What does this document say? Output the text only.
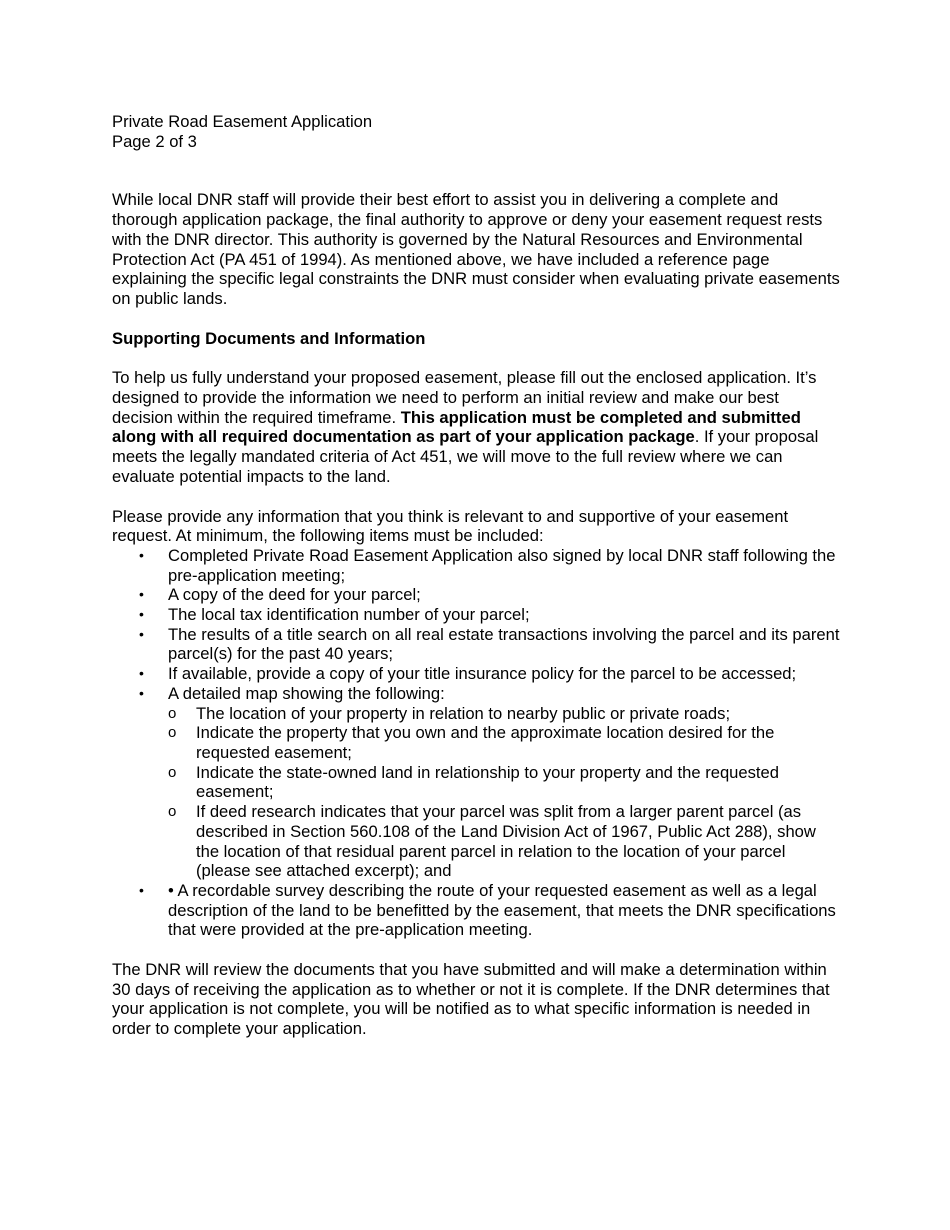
Private Road Easement Application
Page 2 of 3

While local DNR staff will provide their best effort to assist you in delivering a complete and thorough application package, the final authority to approve or deny your easement request rests with the DNR director. This authority is governed by the Natural Resources and Environmental Protection Act (PA 451 of 1994). As mentioned above, we have included a reference page explaining the specific legal constraints the DNR must consider when evaluating private easements on public lands.

Supporting Documents and Information

To help us fully understand your proposed easement, please fill out the enclosed application. It’s designed to provide the information we need to perform an initial review and make our best decision within the required timeframe. This application must be completed and submitted along with all required documentation as part of your application package. If your proposal meets the legally mandated criteria of Act 451, we will move to the full review where we can evaluate potential impacts to the land.

Please provide any information that you think is relevant to and supportive of your easement request. At minimum, the following items must be included:

• Completed Private Road Easement Application also signed by local DNR staff following the pre-application meeting;
• A copy of the deed for your parcel;
• The local tax identification number of your parcel;
• The results of a title search on all real estate transactions involving the parcel and its parent parcel(s) for the past 40 years;
• If available, provide a copy of your title insurance policy for the parcel to be accessed;
• A detailed map showing the following:
o The location of your property in relation to nearby public or private roads;
o Indicate the property that you own and the approximate location desired for the requested easement;
o Indicate the state-owned land in relationship to your property and the requested easement;
o If deed research indicates that your parcel was split from a larger parent parcel (as described in Section 560.108 of the Land Division Act of 1967, Public Act 288), show the location of that residual parent parcel in relation to the location of your parcel (please see attached excerpt); and
• • A recordable survey describing the route of your requested easement as well as a legal description of the land to be benefitted by the easement, that meets the DNR specifications that were provided at the pre-application meeting.

The DNR will review the documents that you have submitted and will make a determination within 30 days of receiving the application as to whether or not it is complete. If the DNR determines that your application is not complete, you will be notified as to what specific information is needed in order to complete your application.
